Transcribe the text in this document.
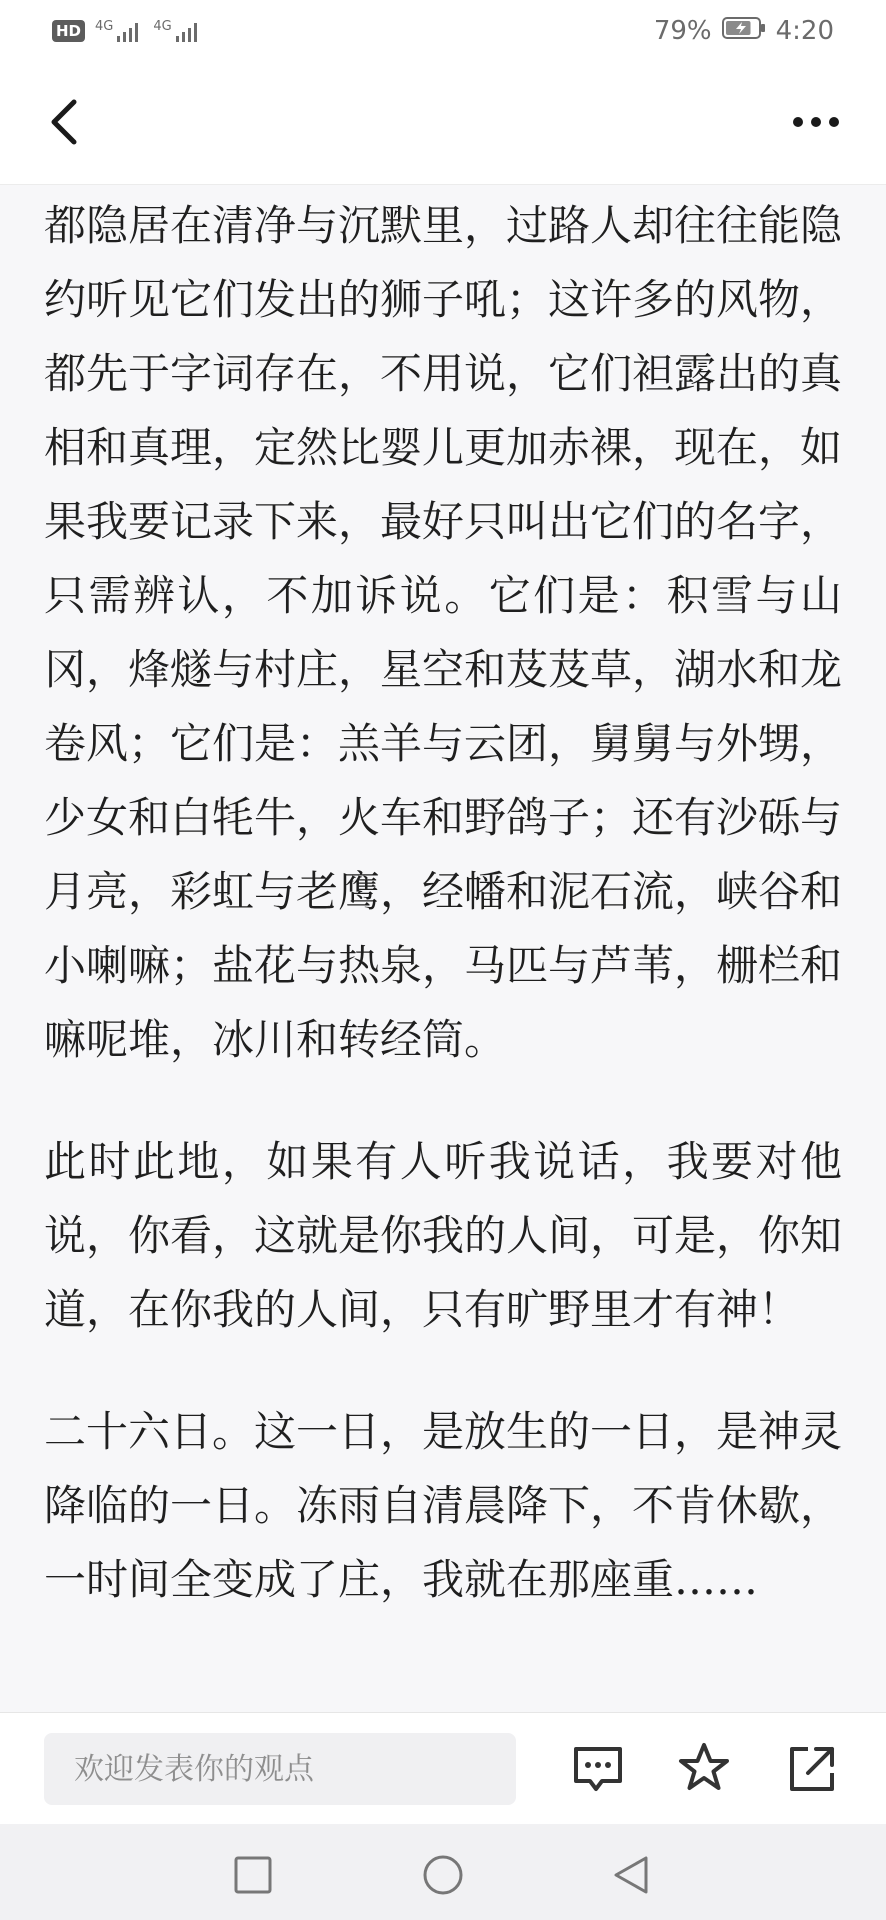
HD	4G	4G	79% 4:20

都隐居在清净与沉默里，过路人却往往能隐约听见它们发出的狮子吼；这许多的风物，都先于字词存在，不用说，它们袒露出的真相和真理，定然比婴儿更加赤裸，现在，如果我要记录下来，最好只叫出它们的名字，只需辨认，不加诉说。它们是：积雪与山冈，烽燧与村庄，星空和芨芨草，湖水和龙卷风；它们是：羔羊与云团，舅舅与外甥，少女和白牦牛，火车和野鸽子；还有沙砾与月亮，彩虹与老鹰，经幡和泥石流，峡谷和小喇嘛；盐花与热泉，马匹与芦苇，栅栏和嘛呢堆，冰川和转经筒。

此时此地，如果有人听我说话，我要对他说，你看，这就是你我的人间，可是，你知道，在你我的人间，只有旷野里才有神！

二十六日。这一日，是放生的一日，是神灵降临的一日。冻雨自清晨降下，不肯休歇，一时间全变成了庄，我就在那座重……

欢迎发表你的观点
